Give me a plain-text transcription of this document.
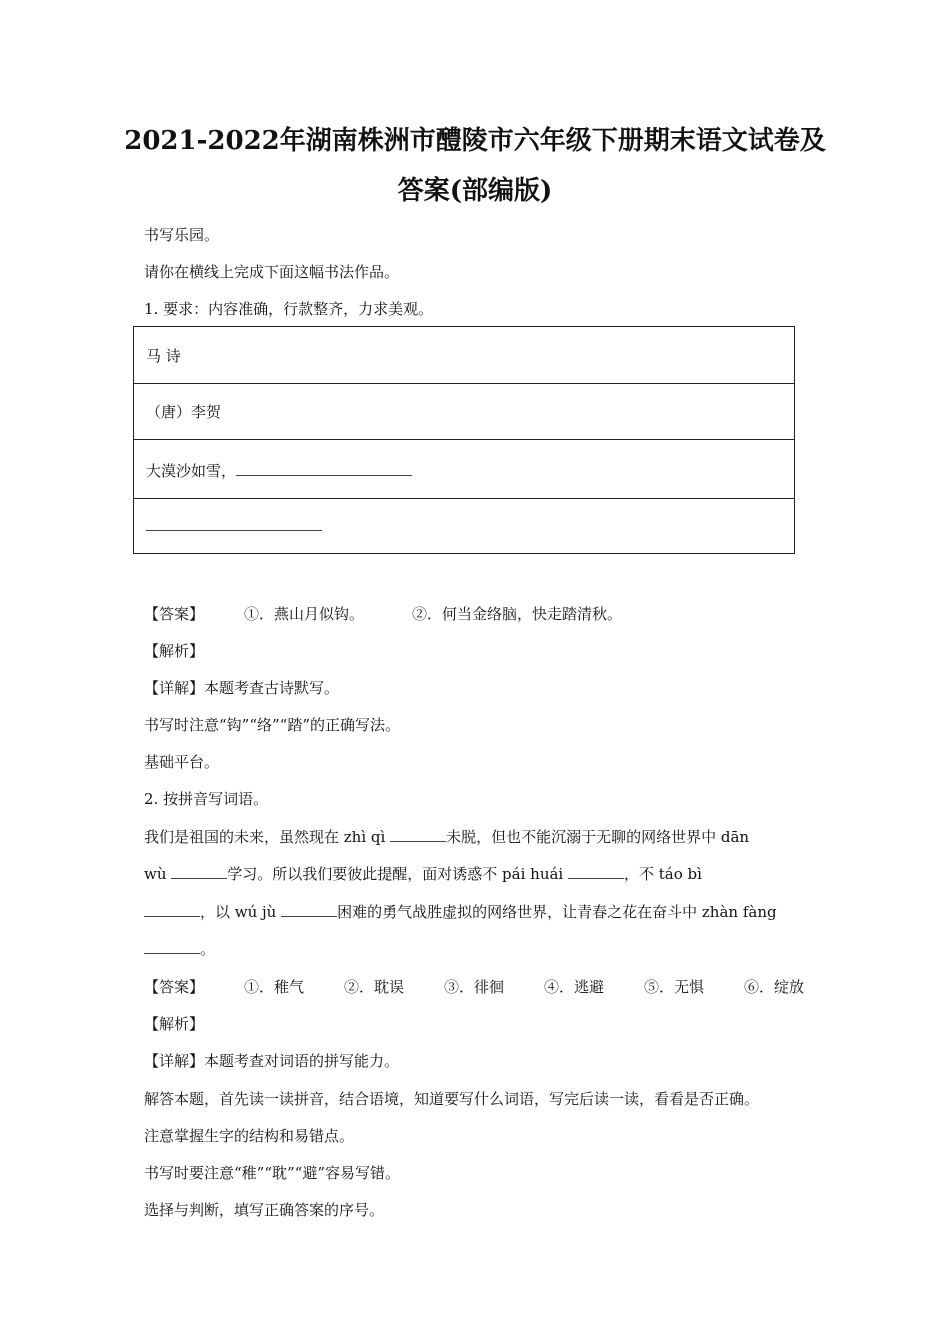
2021-2022年湖南株洲市醴陵市六年级下册期末语文试卷及
答案(部编版)
书写乐园。
请你在横线上完成下面这幅书法作品。
1. 要求：内容准确，行款整齐，力求美观。
马 诗
（唐）李贺
大漠沙如雪，
【答案】	①．燕山月似钩。	②．何当金络脑，快走踏清秋。
【解析】
【详解】本题考查古诗默写。
书写时注意“钩”“络”“踏”的正确写法。
基础平台。
2. 按拼音写词语。
我们是祖国的未来，虽然现在 zhì qì	未脱，但也不能沉溺于无聊的网络世界中 dān
wù	学习。所以我们要彼此提醒，面对诱惑不 pái huái	，不 táo bì
，以 wú jù	困难的勇气战胜虚拟的网络世界，让青春之花在奋斗中 zhàn fàng
。
【答案】	①．稚气	②．耽误	③．徘徊	④．逃避	⑤．无惧	⑥．绽放
【解析】
【详解】本题考查对词语的拼写能力。
解答本题，首先读一读拼音，结合语境，知道要写什么词语，写完后读一读，看看是否正确。
注意掌握生字的结构和易错点。
书写时要注意“稚”“耽”“避”容易写错。
选择与判断，填写正确答案的序号。
